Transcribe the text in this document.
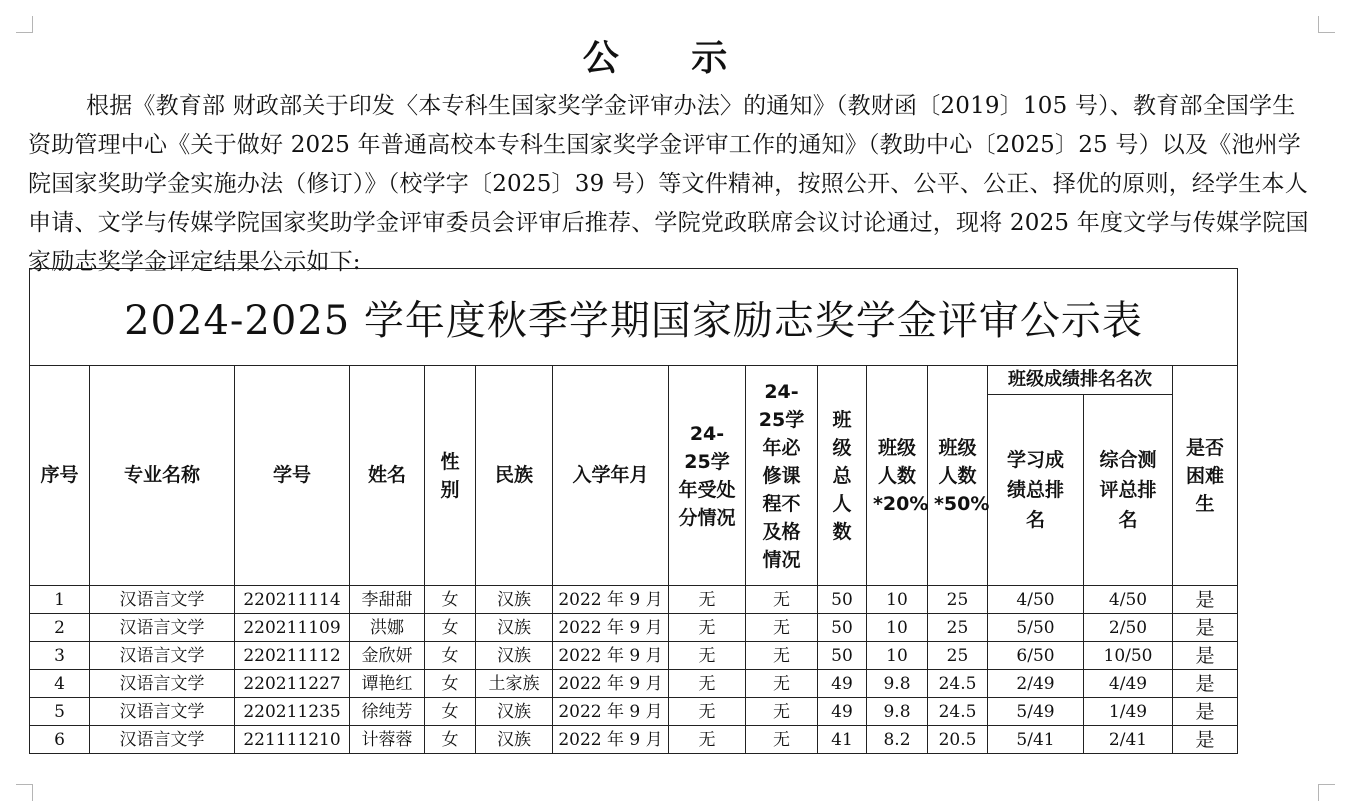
公 示

根据《教育部 财政部关于印发〈本专科生国家奖学金评审办法〉的通知》（教财函〔2019〕105 号）、教育部全国学生资助管理中心《关于做好 2025 年普通高校本专科生国家奖学金评审工作的通知》（教助中心〔2025〕25 号）以及《池州学院国家奖助学金实施办法（修订）》（校学字〔2025〕39 号）等文件精神，按照公开、公平、公正、择优的原则，经学生本人申请、文学与传媒学院国家奖助学金评审委员会评审后推荐、学院党政联席会议讨论通过，现将 2025 年度文学与传媒学院国家励志奖学金评定结果公示如下:

2024-2025 学年度秋季学期国家励志奖学金评审公示表														
序号	专业名称	学号	姓名	性别	民族	入学年月	24-25学年受处分情况	24-25学年必修课程不及格情况	班级总人数	班级人数*20%	班级人数*50%	班级成绩排名名次		是否困难生
												学习成绩总排名	综合测评总排名	
1	汉语言文学	220211114	李甜甜	女	汉族	2022 年 9 月	无	无	50	10	25	4/50	4/50	是
2	汉语言文学	220211109	洪娜	女	汉族	2022 年 9 月	无	无	50	10	25	5/50	2/50	是
3	汉语言文学	220211112	金欣妍	女	汉族	2022 年 9 月	无	无	50	10	25	6/50	10/50	是
4	汉语言文学	220211227	谭艳红	女	土家族	2022 年 9 月	无	无	49	9.8	24.5	2/49	4/49	是
5	汉语言文学	220211235	徐纯芳	女	汉族	2022 年 9 月	无	无	49	9.8	24.5	5/49	1/49	是
6	汉语言文学	221111210	计蓉蓉	女	汉族	2022 年 9 月	无	无	41	8.2	20.5	5/41	2/41	是
